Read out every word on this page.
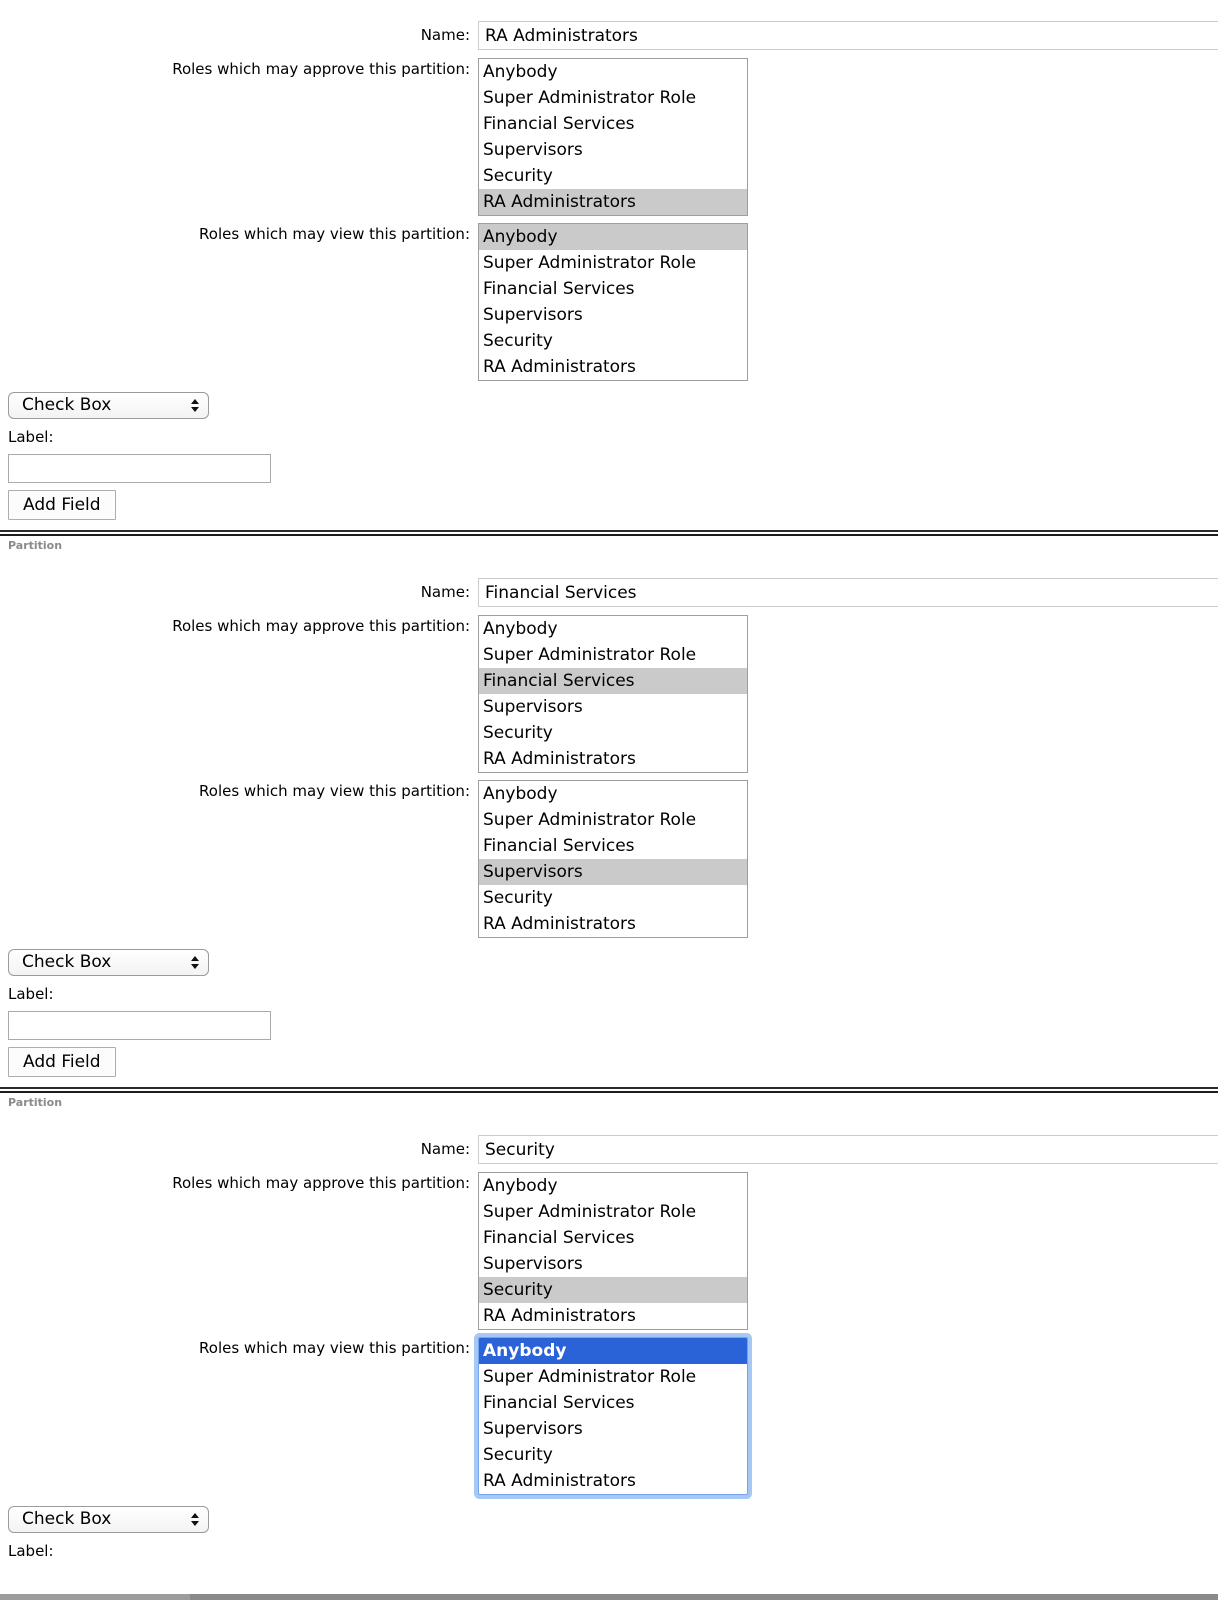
Name:
RA Administrators
Roles which may approve this partition: Anybody
Super Administrator Role
Financial Services
Supervisors
Security
RA Administrators
Roles which may view this partition: Anybody
Super Administrator Role
Financial Services
Supervisors
Security
RA Administrators
Check Box
Label:
Add Field
Partition
Name:
Financial Services
Roles which may approve this partition: Anybody
Super Administrator Role
Financial Services
Supervisors
Security
RA Administrators
Roles which may view this partition: Anybody
Super Administrator Role
Financial Services
Supervisors
Security
RA Administrators
Check Box
Label:
Add Field
Partition
Name:
Security
Roles which may approve this partition: Anybody
Super Administrator Role
Financial Services
Supervisors
Security
RA Administrators
Roles which may view this partition: Anybody
Super Administrator Role
Financial Services
Supervisors
Security
RA Administrators
Check Box
Label:
